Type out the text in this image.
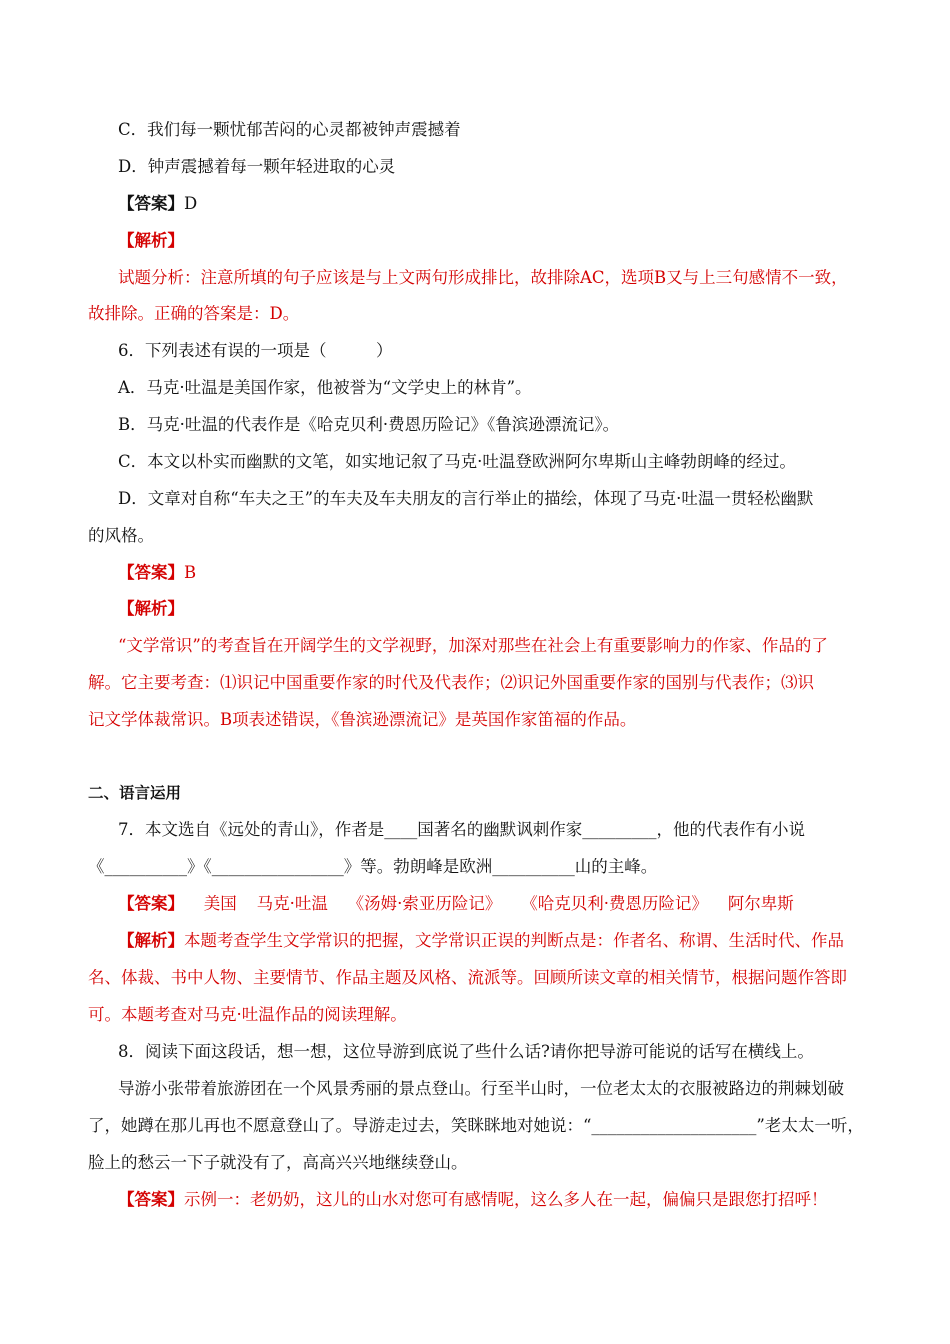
C．我们每一颗忧郁苦闷的心灵都被钟声震撼着
D．钟声震撼着每一颗年轻进取的心灵
【答案】D
【解析】
试题分析：注意所填的句子应该是与上文两句形成排比，故排除AC，选项B又与上三句感情不一致，
故排除。正确的答案是：D。
6．下列表述有误的一项是（　　　）
A．马克·吐温是美国作家，他被誉为“文学史上的林肯”。
B．马克·吐温的代表作是《哈克贝利·费恩历险记》《鲁滨逊漂流记》。
C．本文以朴实而幽默的文笔，如实地记叙了马克·吐温登欧洲阿尔卑斯山主峰勃朗峰的经过。
D．文章对自称“车夫之王”的车夫及车夫朋友的言行举止的描绘，体现了马克·吐温一贯轻松幽默
的风格。
【答案】B
【解析】
“文学常识”的考查旨在开阔学生的文学视野，加深对那些在社会上有重要影响力的作家、作品的了
解。它主要考查：⑴识记中国重要作家的时代及代表作；⑵识记外国重要作家的国别与代表作；⑶识
记文学体裁常识。B项表述错误，《鲁滨逊漂流记》是英国作家笛福的作品。
二、语言运用
7．本文选自《远处的青山》，作者是____国著名的幽默讽刺作家_________，他的代表作有小说
《__________》《________________》等。勃朗峰是欧洲__________山的主峰。
【答案】 美国 马克·吐温 《汤姆·索亚历险记》 《哈克贝利·费恩历险记》 阿尔卑斯
【解析】本题考查学生文学常识的把握，文学常识正误的判断点是：作者名、称谓、生活时代、作品
名、体裁、书中人物、主要情节、作品主题及风格、流派等。回顾所读文章的相关情节，根据问题作答即
可。本题考查对马克·吐温作品的阅读理解。
8．阅读下面这段话，想一想，这位导游到底说了些什么话?请你把导游可能说的话写在横线上。
导游小张带着旅游团在一个风景秀丽的景点登山。行至半山时，一位老太太的衣服被路边的荆棘划破
了，她蹲在那儿再也不愿意登山了。导游走过去，笑眯眯地对她说：“____________________”老太太一听，
脸上的愁云一下子就没有了，高高兴兴地继续登山。
【答案】示例一：老奶奶，这儿的山水对您可有感情呢，这么多人在一起，偏偏只是跟您打招呼！
